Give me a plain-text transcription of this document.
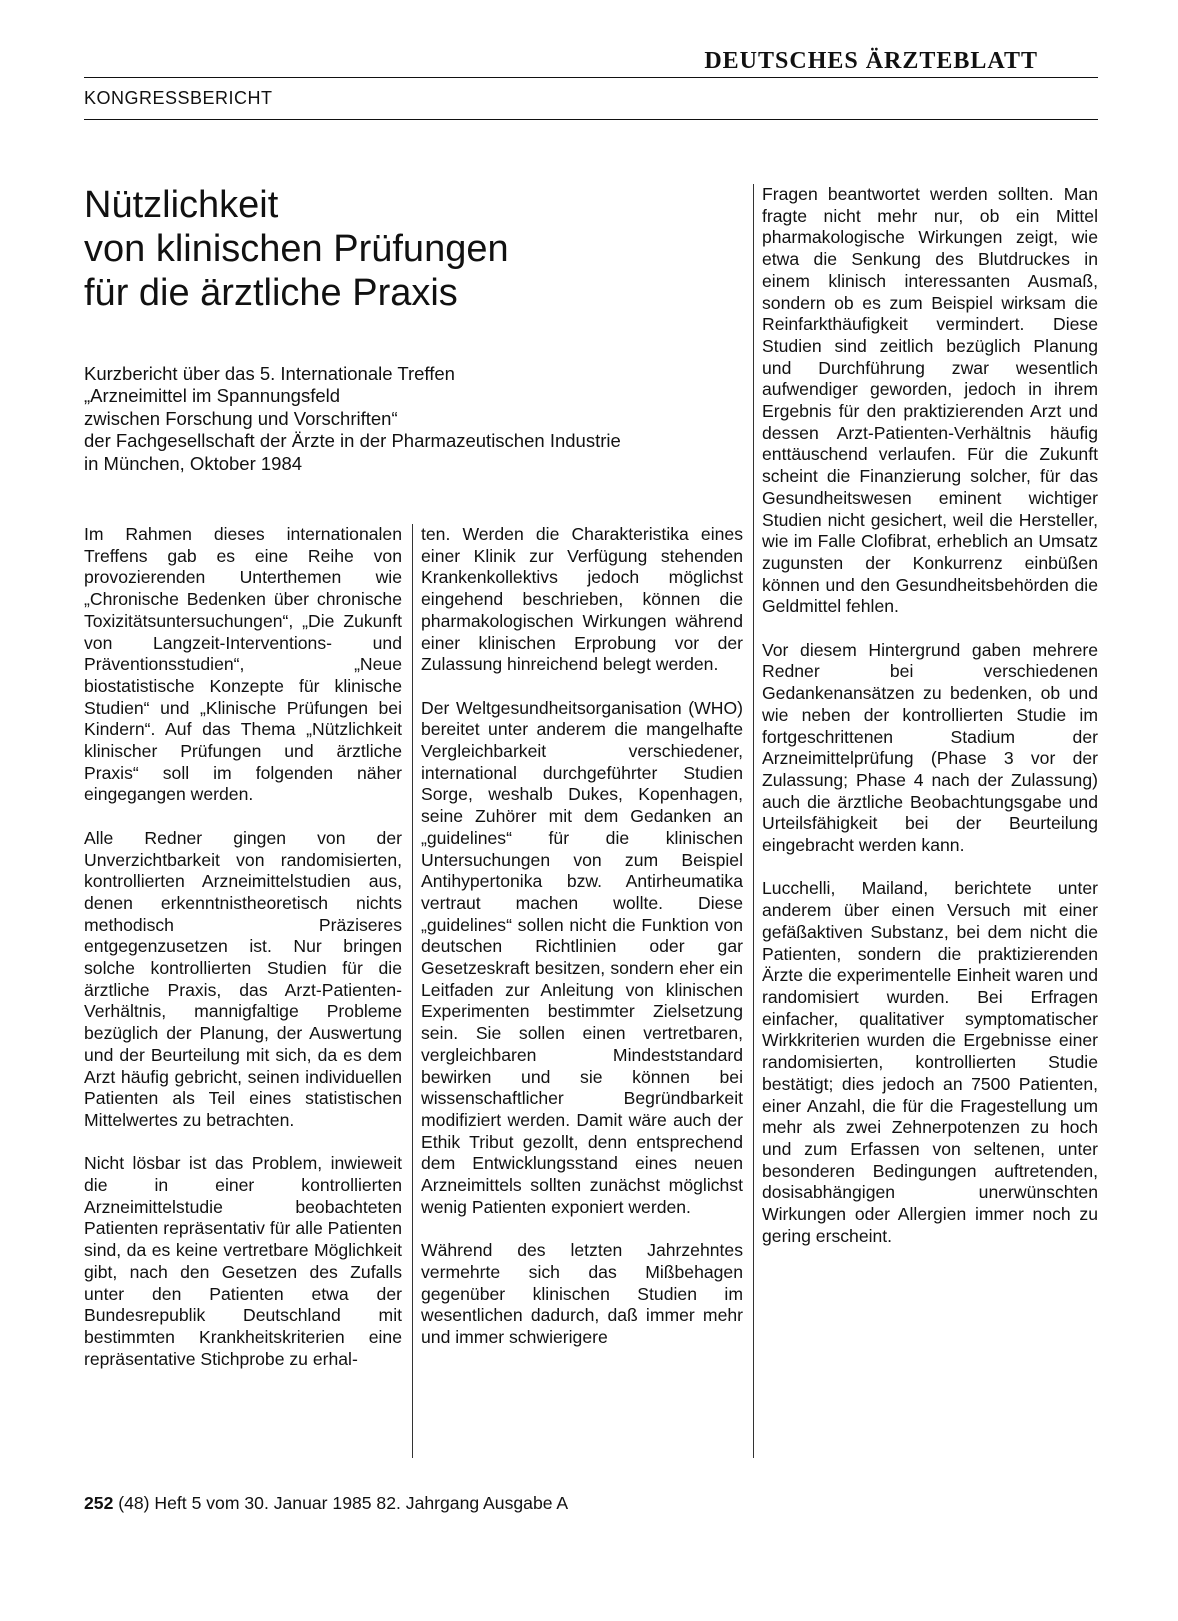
DEUTSCHES ÄRZTEBLATT
KONGRESSBERICHT
Nützlichkeit
von klinischen Prüfungen
für die ärztliche Praxis
Kurzbericht über das 5. Internationale Treffen
„Arzneimittel im Spannungsfeld
zwischen Forschung und Vorschriften“
der Fachgesellschaft der Ärzte in der Pharmazeutischen Industrie
in München, Oktober 1984

Im Rahmen dieses internationalen Treffens gab es eine Reihe von provozierenden Unterthemen wie „Chronische Bedenken über chronische Toxizitätsuntersuchungen“, „Die Zukunft von Langzeit-Interventions- und Präventionsstudien“, „Neue biostatistische Konzepte für klinische Studien“ und „Klinische Prüfungen bei Kindern“. Auf das Thema „Nützlichkeit klinischer Prüfungen und ärztliche Praxis“ soll im folgenden näher eingegangen werden.

Alle Redner gingen von der Unverzichtbarkeit von randomisierten, kontrollierten Arzneimittelstudien aus, denen erkenntnistheoretisch nichts methodisch Präziseres entgegenzusetzen ist. Nur bringen solche kontrollierten Studien für die ärztliche Praxis, das Arzt-Patienten-Verhältnis, mannigfaltige Probleme bezüglich der Planung, der Auswertung und der Beurteilung mit sich, da es dem Arzt häufig gebricht, seinen individuellen Patienten als Teil eines statistischen Mittelwertes zu betrachten.

Nicht lösbar ist das Problem, inwieweit die in einer kontrollierten Arzneimittelstudie beobachteten Patienten repräsentativ für alle Patienten sind, da es keine vertretbare Möglichkeit gibt, nach den Gesetzen des Zufalls unter den Patienten etwa der Bundesrepublik Deutschland mit bestimmten Krankheitskriterien eine repräsentative Stichprobe zu erhal-

ten. Werden die Charakteristika eines einer Klinik zur Verfügung stehenden Krankenkollektivs jedoch möglichst eingehend beschrieben, können die pharmakologischen Wirkungen während einer klinischen Erprobung vor der Zulassung hinreichend belegt werden.

Der Weltgesundheitsorganisation (WHO) bereitet unter anderem die mangelhafte Vergleichbarkeit verschiedener, international durchgeführter Studien Sorge, weshalb Dukes, Kopenhagen, seine Zuhörer mit dem Gedanken an „guidelines“ für die klinischen Untersuchungen von zum Beispiel Antihypertonika bzw. Antirheumatika vertraut machen wollte. Diese „guidelines“ sollen nicht die Funktion von deutschen Richtlinien oder gar Gesetzeskraft besitzen, sondern eher ein Leitfaden zur Anleitung von klinischen Experimenten bestimmter Zielsetzung sein. Sie sollen einen vertretbaren, vergleichbaren Mindeststandard bewirken und sie können bei wissenschaftlicher Begründbarkeit modifiziert werden. Damit wäre auch der Ethik Tribut gezollt, denn entsprechend dem Entwicklungsstand eines neuen Arzneimittels sollten zunächst möglichst wenig Patienten exponiert werden.

Während des letzten Jahrzehntes vermehrte sich das Mißbehagen gegenüber klinischen Studien im wesentlichen dadurch, daß immer mehr und immer schwierigere

Fragen beantwortet werden sollten. Man fragte nicht mehr nur, ob ein Mittel pharmakologische Wirkungen zeigt, wie etwa die Senkung des Blutdruckes in einem klinisch interessanten Ausmaß, sondern ob es zum Beispiel wirksam die Reinfarkthäufigkeit vermindert. Diese Studien sind zeitlich bezüglich Planung und Durchführung zwar wesentlich aufwendiger geworden, jedoch in ihrem Ergebnis für den praktizierenden Arzt und dessen Arzt-Patienten-Verhältnis häufig enttäuschend verlaufen. Für die Zukunft scheint die Finanzierung solcher, für das Gesundheitswesen eminent wichtiger Studien nicht gesichert, weil die Hersteller, wie im Falle Clofibrat, erheblich an Umsatz zugunsten der Konkurrenz einbüßen können und den Gesundheitsbehörden die Geldmittel fehlen.

Vor diesem Hintergrund gaben mehrere Redner bei verschiedenen Gedankenansätzen zu bedenken, ob und wie neben der kontrollierten Studie im fortgeschrittenen Stadium der Arzneimittelprüfung (Phase 3 vor der Zulassung; Phase 4 nach der Zulassung) auch die ärztliche Beobachtungsgabe und Urteilsfähigkeit bei der Beurteilung eingebracht werden kann.

Lucchelli, Mailand, berichtete unter anderem über einen Versuch mit einer gefäßaktiven Substanz, bei dem nicht die Patienten, sondern die praktizierenden Ärzte die experimentelle Einheit waren und randomisiert wurden. Bei Erfragen einfacher, qualitativer symptomatischer Wirkkriterien wurden die Ergebnisse einer randomisierten, kontrollierten Studie bestätigt; dies jedoch an 7500 Patienten, einer Anzahl, die für die Fragestellung um mehr als zwei Zehnerpotenzen zu hoch und zum Erfassen von seltenen, unter besonderen Bedingungen auftretenden, dosisabhängigen unerwünschten Wirkungen oder Allergien immer noch zu gering erscheint.

252 (48) Heft 5 vom 30. Januar 1985 82. Jahrgang Ausgabe A
